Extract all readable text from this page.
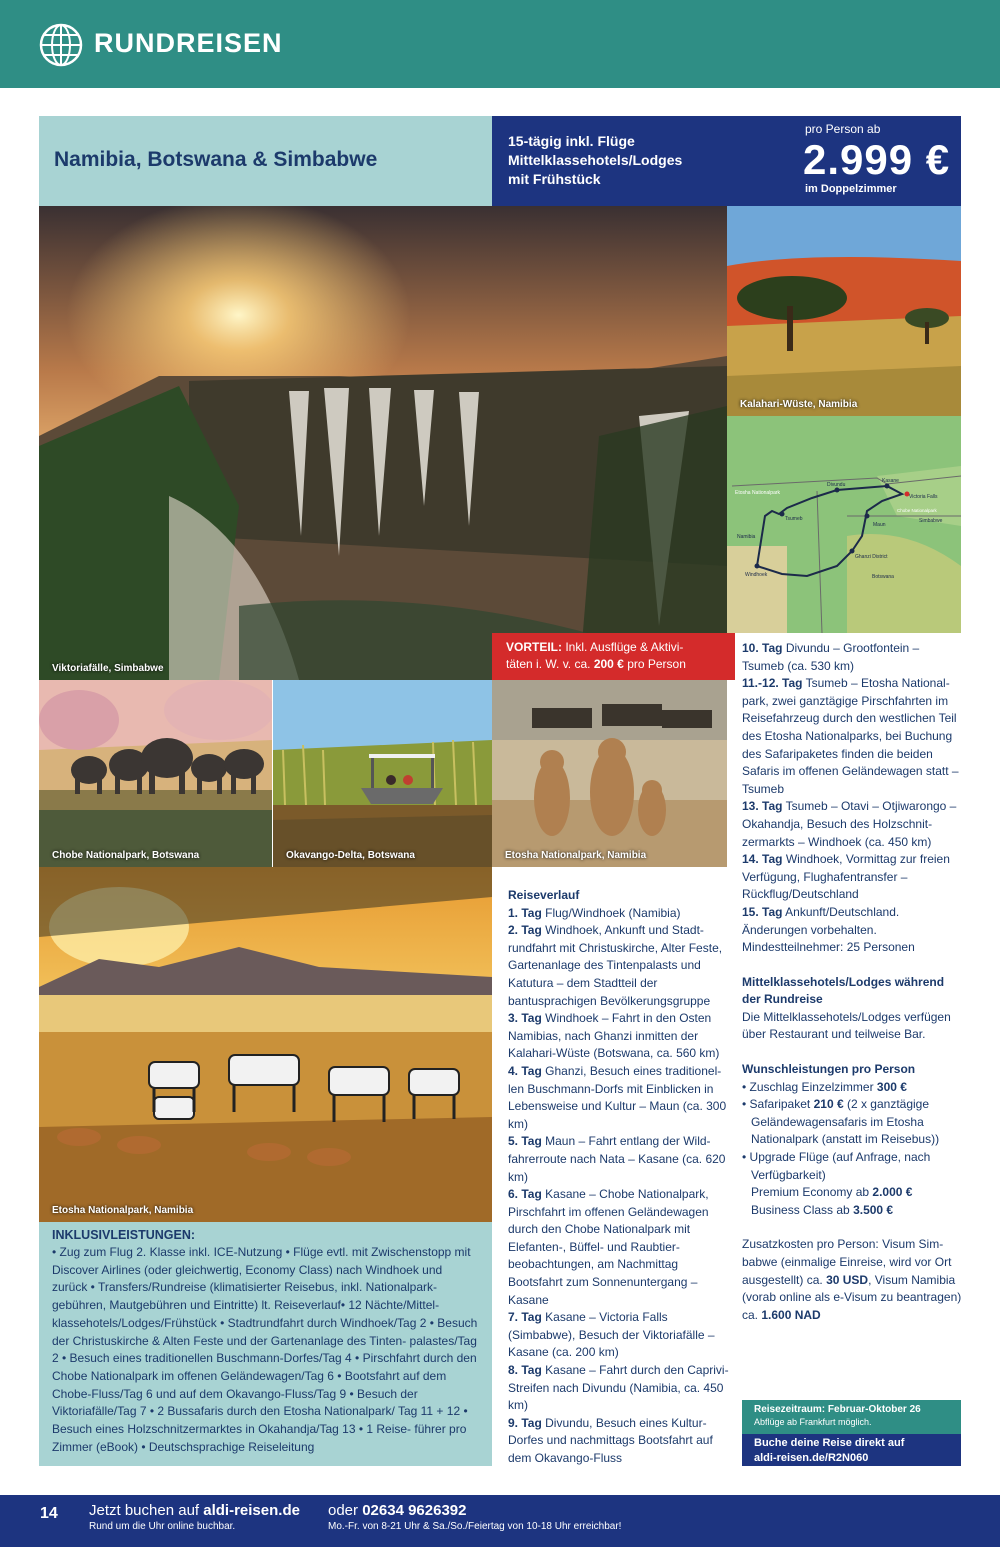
RUNDREISEN
Namibia, Botswana & Simbabwe
15-tägig inkl. Flüge
Mittelklassehotels/Lodges
mit Frühstück
pro Person ab
2.999 €
im Doppelzimmer
Viktoriafälle, Simbabwe
Kalahari-Wüste, Namibia
Etosha Nationalpark
Divundu
Kasane
Victoria Falls
Tsumeb
Chobe Nationalpark
Simbabwe
Namibia
Maun
Ghanzi District
Windhoek	Botswana
VORTEIL: Inkl. Ausflüge & Aktivi-
täten i. W. v. ca. 200 € pro Person
Chobe Nationalpark, Botswana	Okavango-Delta, Botswana	Etosha Nationalpark, Namibia
Etosha Nationalpark, Namibia
INKLUSIVLEISTUNGEN:
• Zug zum Flug 2. Klasse inkl. ICE-Nutzung • Flüge evtl. mit Zwischenstopp mit Discover Airlines (oder gleichwertig, Economy Class) nach Windhoek und zurück • Transfers/Rundreise (klimatisierter Reisebus, inkl. Nationalpark- gebühren, Mautgebühren und Eintritte) lt. Reiseverlauf• 12 Nächte/Mittel- klassehotels/Lodges/Frühstück • Stadtrundfahrt durch Windhoek/Tag 2 • Besuch der Christuskirche & Alten Feste und der Gartenanlage des Tinten- palastes/Tag 2 • Besuch eines traditionellen Buschmann-Dorfes/Tag 4 • Pirschfahrt durch den Chobe Nationalpark im offenen Geländewagen/Tag 6 • Bootsfahrt auf dem Chobe-Fluss/Tag 6 und auf dem Okavango-Fluss/Tag 9 • Besuch der Viktoriafälle/Tag 7 • 2 Bussafaris durch den Etosha Nationalpark/ Tag 11 + 12 • Besuch eines Holzschnitzermarktes in Okahandja/Tag 13 • 1 Reise- führer pro Zimmer (eBook) • Deutschsprachige Reiseleitung

Reiseverlauf

1. Tag Flug/Windhoek (Namibia)

2. Tag Windhoek, Ankunft und Stadt- rundfahrt mit Christuskirche, Alter Feste, Gartenanlage des Tintenpalasts und Katutura – dem Stadtteil der bantusprachigen Bevölkerungsgruppe

3. Tag Windhoek – Fahrt in den Osten Namibias, nach Ghanzi inmitten der Kalahari-Wüste (Botswana, ca. 560 km)

4. Tag Ghanzi, Besuch eines traditionel- len Buschmann-Dorfs mit Einblicken in Lebensweise und Kultur – Maun (ca. 300 km)

5. Tag Maun – Fahrt entlang der Wild- fahrerroute nach Nata – Kasane (ca. 620 km)

6. Tag Kasane – Chobe Nationalpark, Pirschfahrt im offenen Geländewagen durch den Chobe Nationalpark mit Elefanten-, Büffel- und Raubtier- beobachtungen, am Nachmittag Bootsfahrt zum Sonnenuntergang – Kasane

7. Tag Kasane – Victoria Falls (Simbabwe), Besuch der Viktoriafälle – Kasane (ca. 200 km)

8. Tag Kasane – Fahrt durch den Caprivi-Streifen nach Divundu (Namibia, ca. 450 km)

9. Tag Divundu, Besuch eines Kultur- Dorfes und nachmittags Bootsfahrt auf dem Okavango-Fluss

10. Tag Divundu – Grootfontein – Tsumeb (ca. 530 km)

11.-12. Tag Tsumeb – Etosha National- park, zwei ganztägige Pirschfahrten im Reisefahrzeug durch den westlichen Teil des Etosha Nationalparks, bei Buchung des Safaripaketes finden die beiden Safaris im offenen Geländewagen statt – Tsumeb

13. Tag Tsumeb – Otavi – Otjiwarongo – Okahandja, Besuch des Holzschnit- zermarkts – Windhoek (ca. 450 km)

14. Tag Windhoek, Vormittag zur freien Verfügung, Flughafentransfer – Rückflug/Deutschland

15. Tag Ankunft/Deutschland.

Änderungen vorbehalten.

Mindestteilnehmer: 25 Personen

Mittelklassehotels/Lodges während der Rundreise

Die Mittelklassehotels/Lodges verfügen über Restaurant und teilweise Bar.

Wunschleistungen pro Person

• Zuschlag Einzelzimmer 300 €

• Safaripaket 210 € (2 x ganztägige Geländewagensafaris im Etosha Nationalpark (anstatt im Reisebus))

• Upgrade Flüge (auf Anfrage, nach Verfügbarkeit)

Premium Economy ab 2.000 €

Business Class ab 3.500 €

Zusatzkosten pro Person: Visum Sim- babwe (einmalige Einreise, wird vor Ort ausgestellt) ca. 30 USD, Visum Namibia (vorab online als e-Visum zu beantragen) ca. 1.600 NAD

Reisezeitraum: Februar-Oktober 26
Abflüge ab Frankfurt möglich.
Buche deine Reise direkt auf
aldi-reisen.de/R2N060
14 Jetzt buchen auf aldi-reisen.de
Rund um die Uhr online buchbar.
oder 02634 9626392
Mo.-Fr. von 8-21 Uhr & Sa./So./Feiertag von 10-18 Uhr erreichbar!
